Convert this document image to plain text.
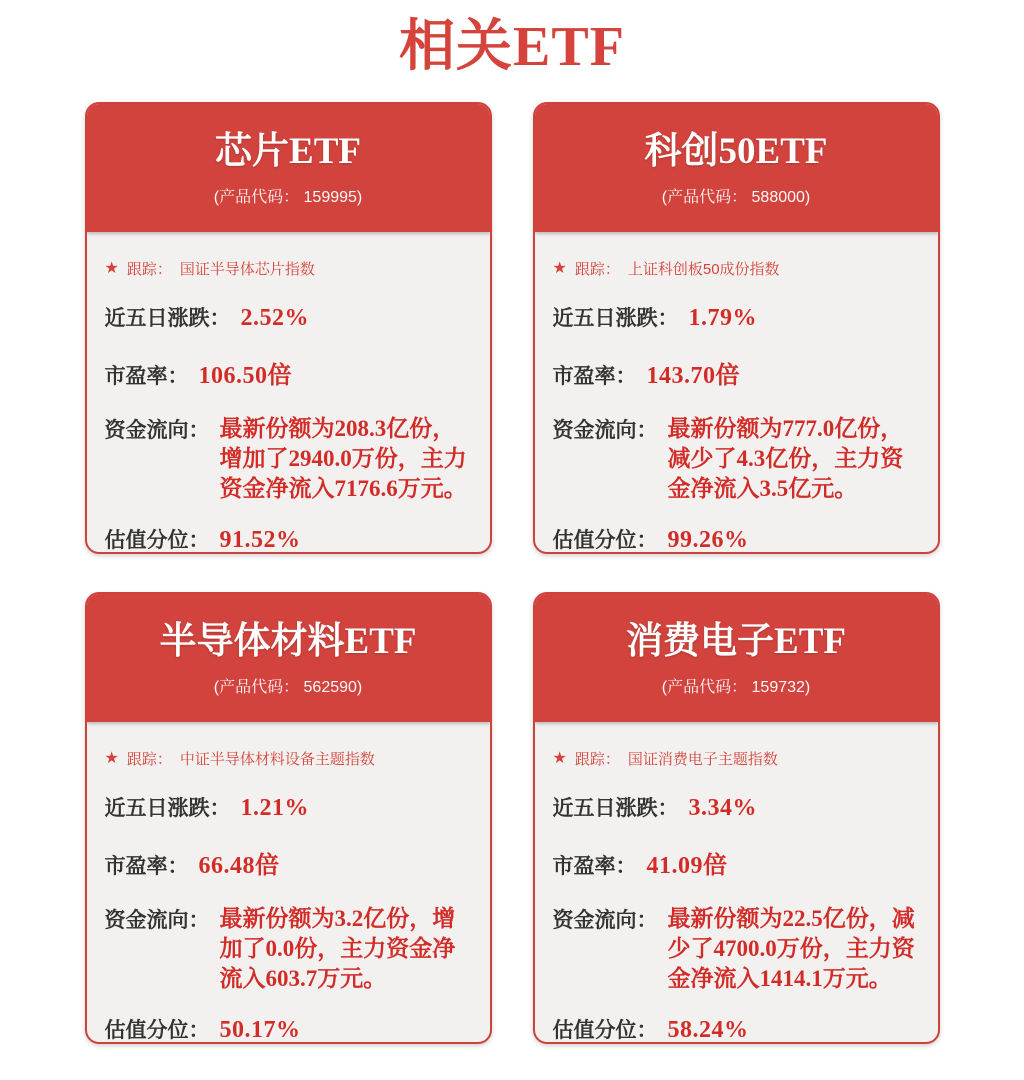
相关ETF
芯片ETF
(产品代码： 159995)
★ 跟踪： 国证半导体芯片指数
近五日涨跌： 2.52%
市盈率： 106.50倍
资金流向： 最新份额为208.3亿份，增加了2940.0万份，主力资金净流入7176.6万元。
估值分位： 91.52%
科创50ETF
(产品代码： 588000)
★ 跟踪： 上证科创板50成份指数
近五日涨跌： 1.79%
市盈率： 143.70倍
资金流向： 最新份额为777.0亿份，减少了4.3亿份，主力资金净流入3.5亿元。
估值分位： 99.26%
半导体材料ETF
(产品代码： 562590)
★ 跟踪： 中证半导体材料设备主题指数
近五日涨跌： 1.21%
市盈率： 66.48倍
资金流向： 最新份额为3.2亿份，增加了0.0份，主力资金净流入603.7万元。
估值分位： 50.17%
消费电子ETF
(产品代码： 159732)
★ 跟踪： 国证消费电子主题指数
近五日涨跌： 3.34%
市盈率： 41.09倍
资金流向： 最新份额为22.5亿份，减少了4700.0万份，主力资金净流入1414.1万元。
估值分位： 58.24%
